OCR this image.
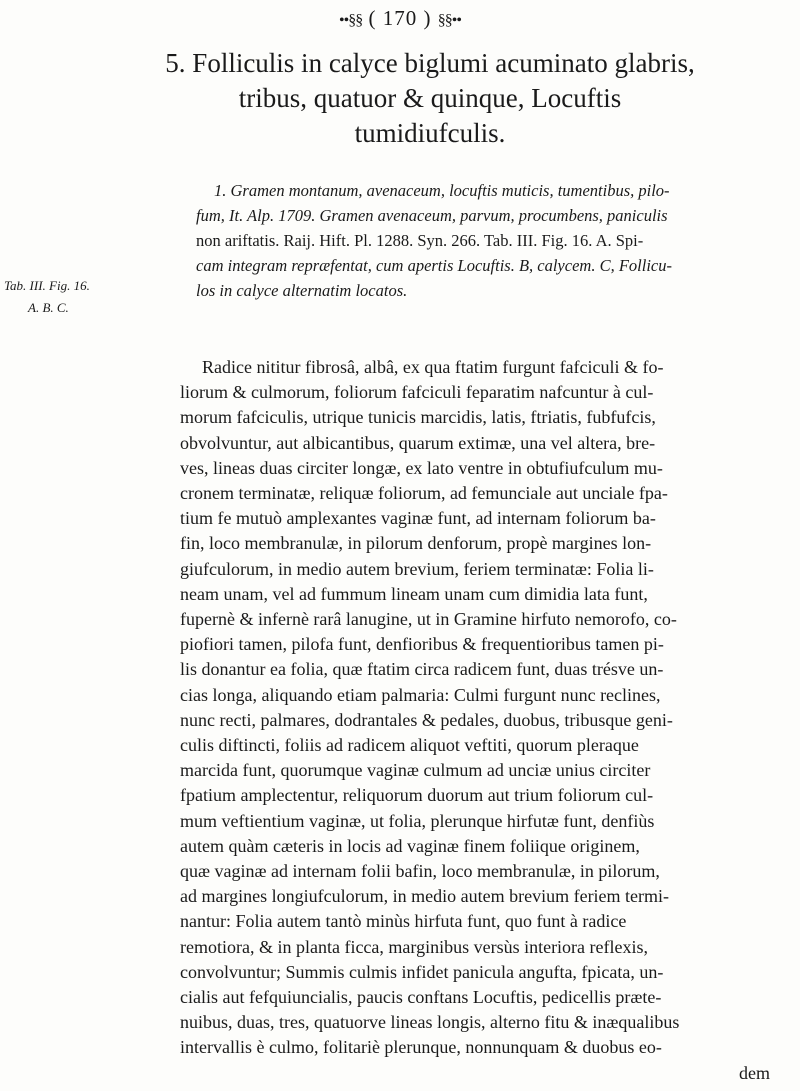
••§§ ( 170 ) §§••
5. Folliculis in calyce biglumi acuminato glabris,
tribus, quatuor & quinque, Locuftis
tumidiufculis.
Tab. III. Fig. 16.
A. B. C.
1. Gramen montanum, avenaceum, locuftis muticis, tumentibus, pilo-
fum, It. Alp. 1709. Gramen avenaceum, parvum, procumbens, paniculis
non ariftatis. Raij. Hift. Pl. 1288. Syn. 266. Tab. III. Fig. 16. A. Spi-
cam integram repræfentat, cum apertis Locuftis. B, calycem. C, Follicu-
los in calyce alternatim locatos.
Radice nititur fibrosâ, albâ, ex qua ftatim furgunt fafciculi & fo-
liorum & culmorum, foliorum fafciculi feparatim nafcuntur à cul-
morum fafciculis, utrique tunicis marcidis, latis, ftriatis, fubfufcis,
obvolvuntur, aut albicantibus, quarum extimæ, una vel altera, bre-
ves, lineas duas circiter longæ, ex lato ventre in obtufiufculum mu-
cronem terminatæ, reliquæ foliorum, ad femunciale aut unciale fpa-
tium fe mutuò amplexantes vaginæ funt, ad internam foliorum ba-
fin, loco membranulæ, in pilorum denforum, propè margines lon-
giufculorum, in medio autem brevium, feriem terminatæ: Folia li-
neam unam, vel ad fummum lineam unam cum dimidia lata funt,
fupernè & infernè rarâ lanugine, ut in Gramine hirfuto nemorofo, co-
piofiori tamen, pilofa funt, denfioribus & frequentioribus tamen pi-
lis donantur ea folia, quæ ftatim circa radicem funt, duas trésve un-
cias longa, aliquando etiam palmaria: Culmi furgunt nunc reclines,
nunc recti, palmares, dodrantales & pedales, duobus, tribusque geni-
culis diftincti, foliis ad radicem aliquot veftiti, quorum pleraque
marcida funt, quorumque vaginæ culmum ad unciæ unius circiter
fpatium amplectentur, reliquorum duorum aut trium foliorum cul-
mum veftientium vaginæ, ut folia, plerunque hirfutæ funt, denfiùs
autem quàm cæteris in locis ad vaginæ finem foliique originem,
quæ vaginæ ad internam folii bafin, loco membranulæ, in pilorum,
ad margines longiufculorum, in medio autem brevium feriem termi-
nantur: Folia autem tantò minùs hirfuta funt, quo funt à radice
remotiora, & in planta ficca, marginibus versùs interiora reflexis,
convolvuntur; Summis culmis infidet panicula angufta, fpicata, un-
cialis aut fefquiuncialis, paucis conftans Locuftis, pedicellis præte-
nuibus, duas, tres, quatuorve lineas longis, alterno fitu & inæqualibus
intervallis è culmo, folitariè plerunque, nonnunquam & duobus eo-
dem
